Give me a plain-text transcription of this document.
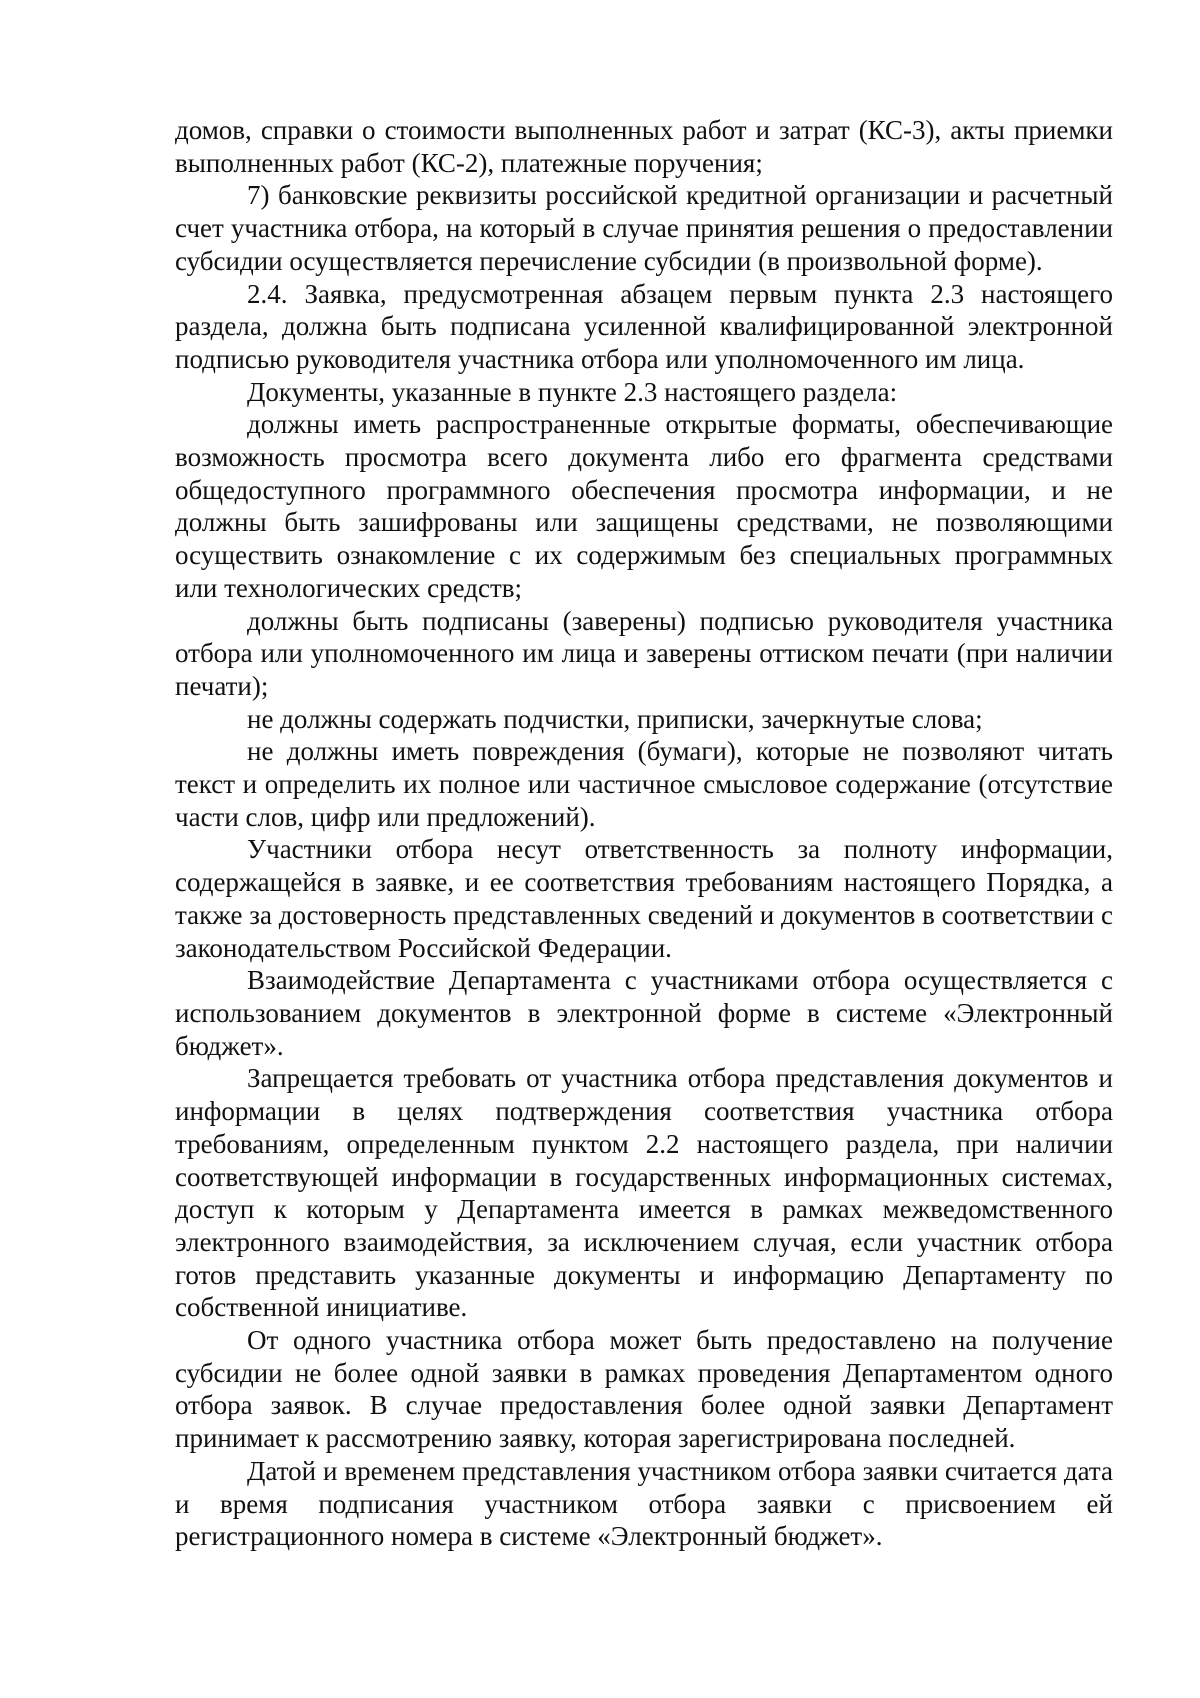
домов, справки о стоимости выполненных работ и затрат (КС-3), акты приемки выполненных работ (КС-2), платежные поручения;

7) банковские реквизиты российской кредитной организации и расчетный счет участника отбора, на который в случае принятия решения о предоставлении субсидии осуществляется перечисление субсидии (в произвольной форме).

2.4. Заявка, предусмотренная абзацем первым пункта 2.3 настоящего раздела, должна быть подписана усиленной квалифицированной электронной подписью руководителя участника отбора или уполномоченного им лица.

Документы, указанные в пункте 2.3 настоящего раздела:

должны иметь распространенные открытые форматы, обеспечивающие возможность просмотра всего документа либо его фрагмента средствами общедоступного программного обеспечения просмотра информации, и не должны быть зашифрованы или защищены средствами, не позволяющими осуществить ознакомление с их содержимым без специальных программных или технологических средств;

должны быть подписаны (заверены) подписью руководителя участника отбора или уполномоченного им лица и заверены оттиском печати (при наличии печати);

не должны содержать подчистки, приписки, зачеркнутые слова;

не должны иметь повреждения (бумаги), которые не позволяют читать текст и определить их полное или частичное смысловое содержание (отсутствие части слов, цифр или предложений).

Участники отбора несут ответственность за полноту информации, содержащейся в заявке, и ее соответствия требованиям настоящего Порядка, а также за достоверность представленных сведений и документов в соответствии с законодательством Российской Федерации.

Взаимодействие Департамента с участниками отбора осуществляется с использованием документов в электронной форме в системе «Электронный бюджет».

Запрещается требовать от участника отбора представления документов и информации в целях подтверждения соответствия участника отбора требованиям, определенным пунктом 2.2 настоящего раздела, при наличии соответствующей информации в государственных информационных системах, доступ к которым у Департамента имеется в рамках межведомственного электронного взаимодействия, за исключением случая, если участник отбора готов представить указанные документы и информацию Департаменту по собственной инициативе.

От одного участника отбора может быть предоставлено на получение субсидии не более одной заявки в рамках проведения Департаментом одного отбора заявок. В случае предоставления более одной заявки Департамент принимает к рассмотрению заявку, которая зарегистрирована последней.

Датой и временем представления участником отбора заявки считается дата и время подписания участником отбора заявки с присвоением ей регистрационного номера в системе «Электронный бюджет».
